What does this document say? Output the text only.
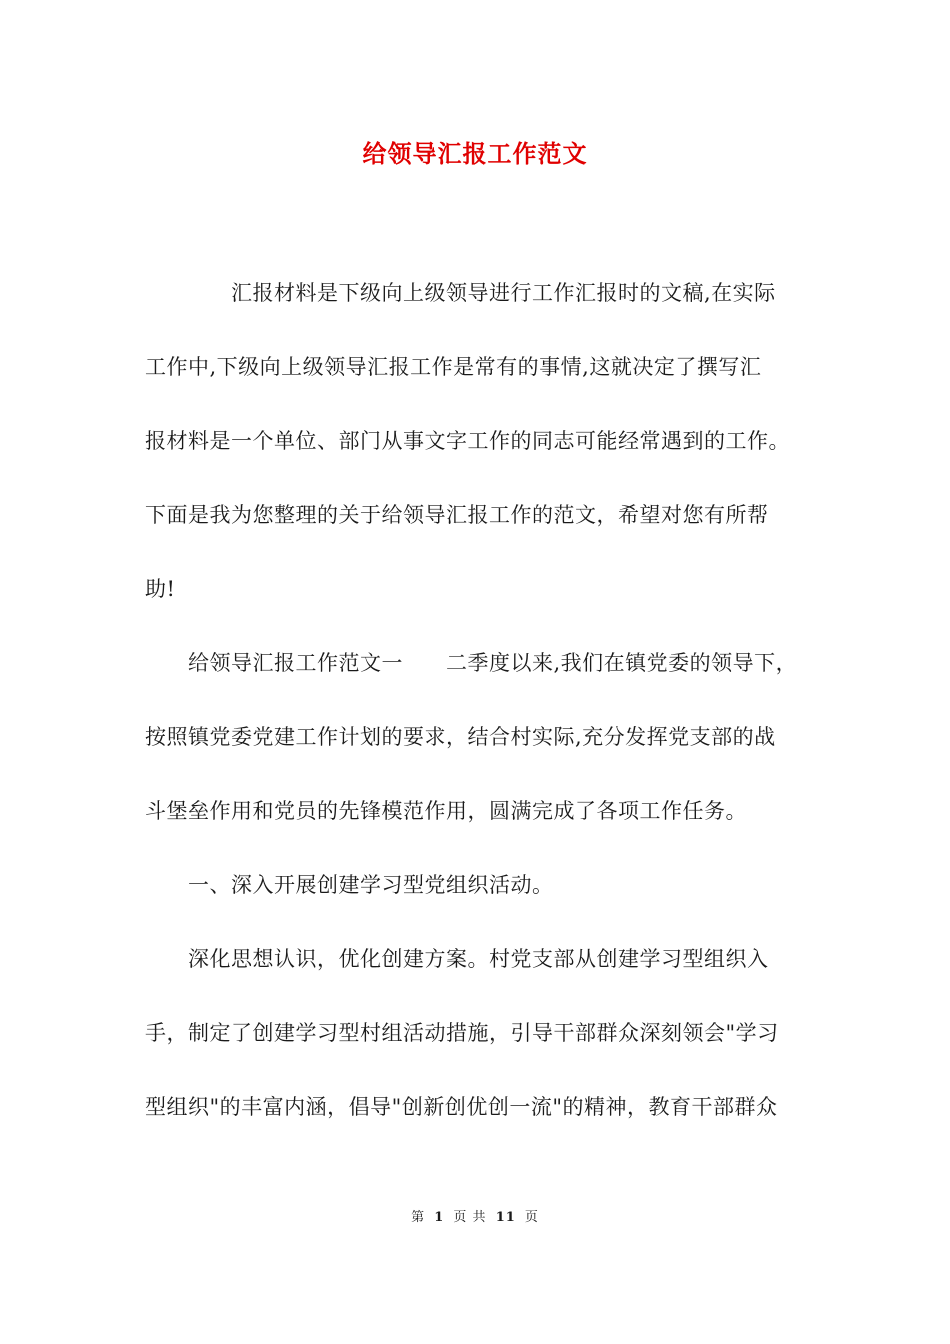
给领导汇报工作范文
　　　　汇报材料是下级向上级领导进行工作汇报时的文稿,在实际
工作中,下级向上级领导汇报工作是常有的事情,这就决定了撰写汇
报材料是一个单位、部门从事文字工作的同志可能经常遇到的工作。
下面是我为您整理的关于给领导汇报工作的范文，希望对您有所帮
助!
　　给领导汇报工作范文一　　二季度以来,我们在镇党委的领导下，
按照镇党委党建工作计划的要求，结合村实际,充分发挥党支部的战
斗堡垒作用和党员的先锋模范作用，圆满完成了各项工作任务。
　　一、深入开展创建学习型党组织活动。
　　深化思想认识，优化创建方案。村党支部从创建学习型组织入
手，制定了创建学习型村组活动措施，引导干部群众深刻领会"学习
型组织"的丰富内涵，倡导"创新创优创一流"的精神，教育干部群众
第 1 页 共 11 页
